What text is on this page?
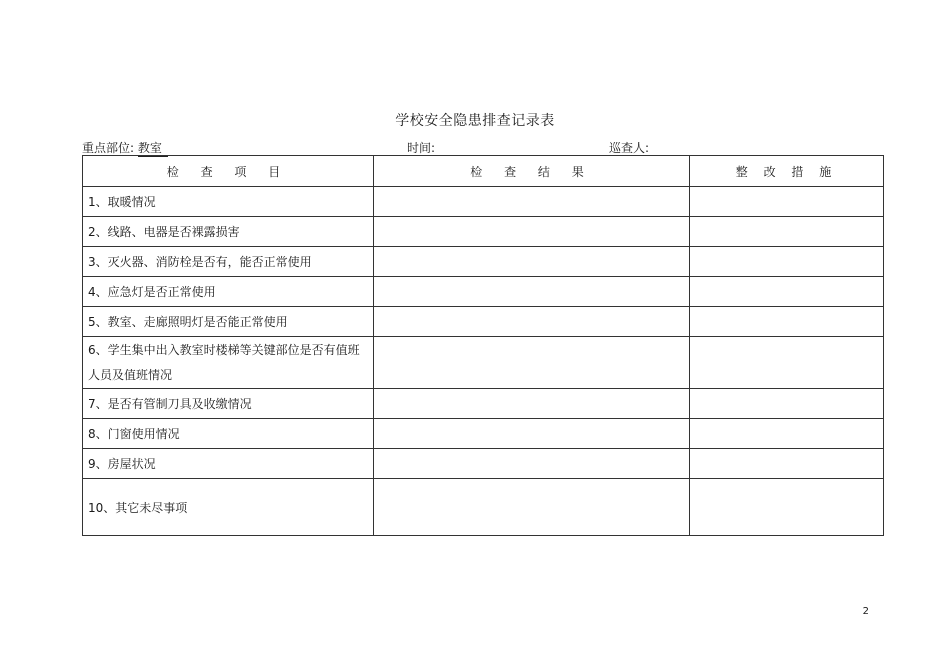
学校安全隐患排查记录表
重点部位: 教室	时间:	巡查人:
检 查 项 目	检 查 结 果	整 改 措 施
1、取暖情况		
2、线路、电器是否裸露损害		
3、灭火器、消防栓是否有，能否正常使用		
4、应急灯是否正常使用		
5、教室、走廊照明灯是否能正常使用		
6、学生集中出入教室时楼梯等关键部位是否有值班人员及值班情况		
7、是否有管制刀具及收缴情况		
8、门窗使用情况		
9、房屋状况		
10、其它未尽事项		
2
